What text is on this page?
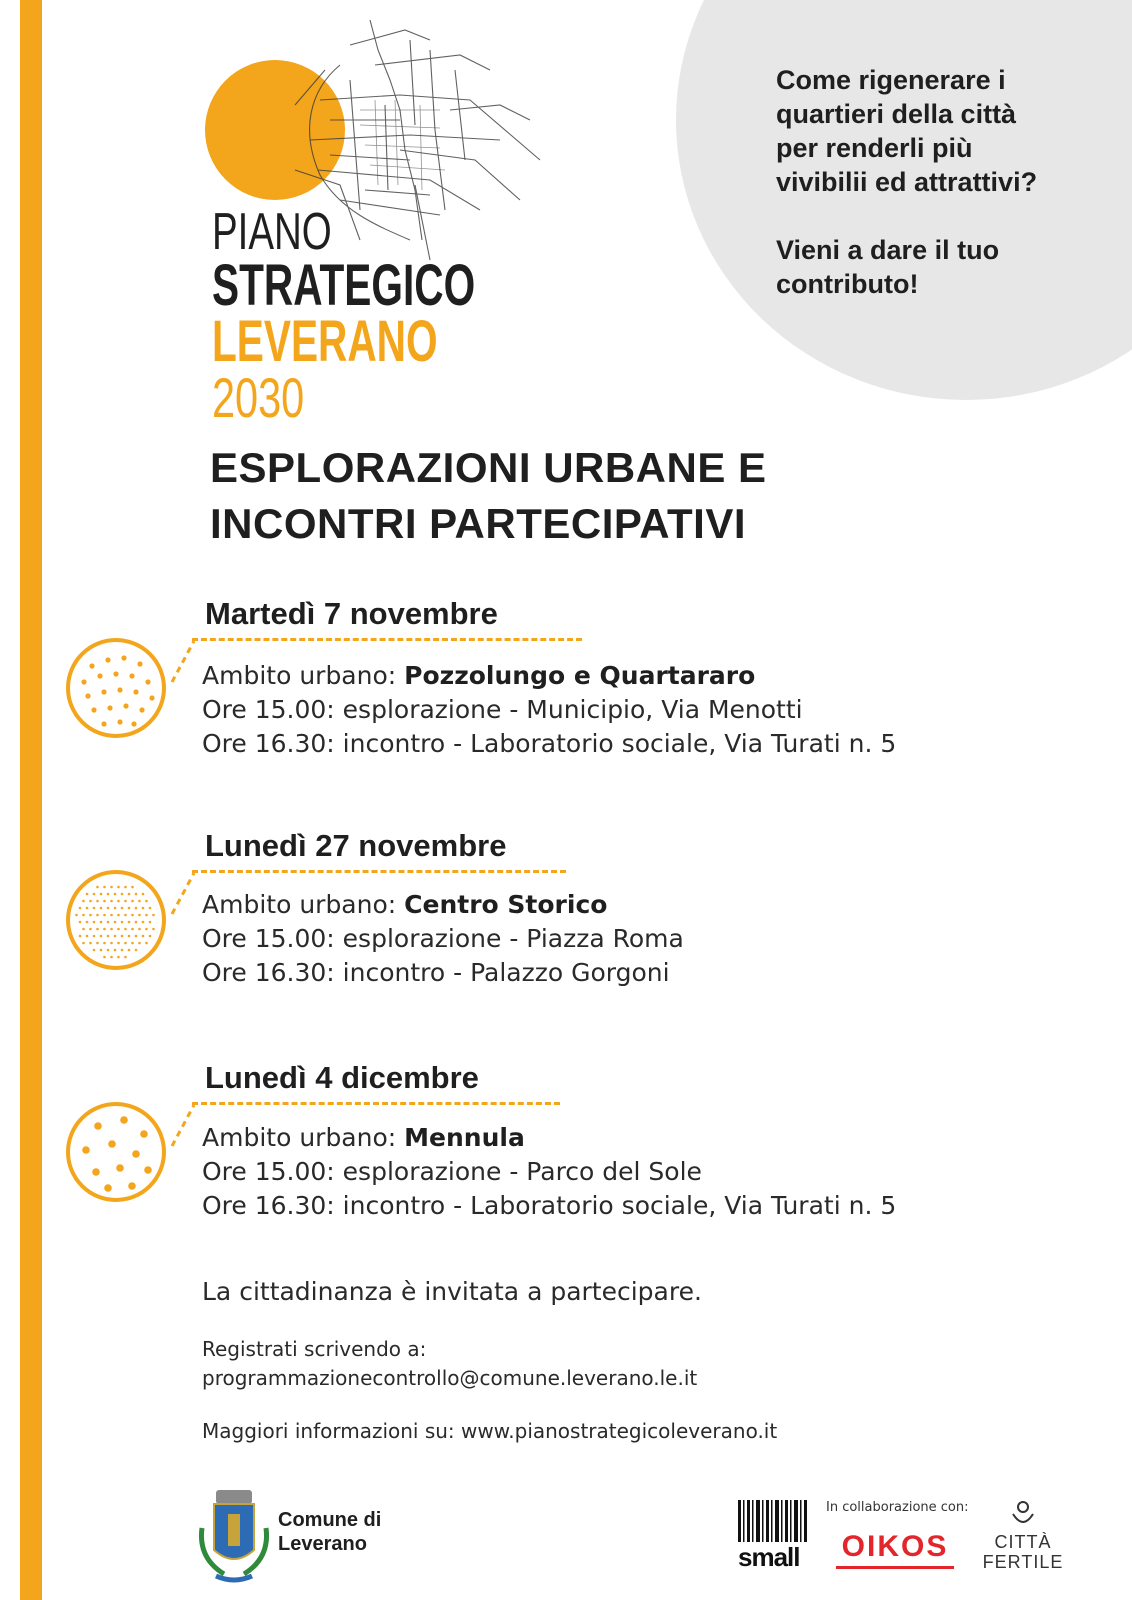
Come rigenerare i

quartieri della città

per renderli più

vivibilii ed attrattivi?

Vieni a dare il tuo

contributo!

PIANO
STRATEGICO
LEVERANO
2030
ESPLORAZIONI URBANE E
INCONTRI PARTECIPATIVI
Martedì 7 novembre
Ambito urbano: Pozzolungo e Quartararo
Ore 15.00: esplorazione - Municipio, Via Menotti
Ore 16.30: incontro - Laboratorio sociale, Via Turati n. 5
Lunedì 27 novembre
Ambito urbano: Centro Storico
Ore 15.00: esplorazione - Piazza Roma
Ore 16.30: incontro - Palazzo Gorgoni
Lunedì 4 dicembre
Ambito urbano: Mennula
Ore 15.00: esplorazione - Parco del Sole
Ore 16.30: incontro - Laboratorio sociale, Via Turati n. 5
La cittadinanza è invitata a partecipare.
Registrati scrivendo a:
programmazionecontrollo@comune.leverano.le.it
Maggiori informazioni su: www.pianostrategicoleverano.it
Comune di
Leverano
In collaborazione con:
small OIKOS	CITTÀ
FERTILE
